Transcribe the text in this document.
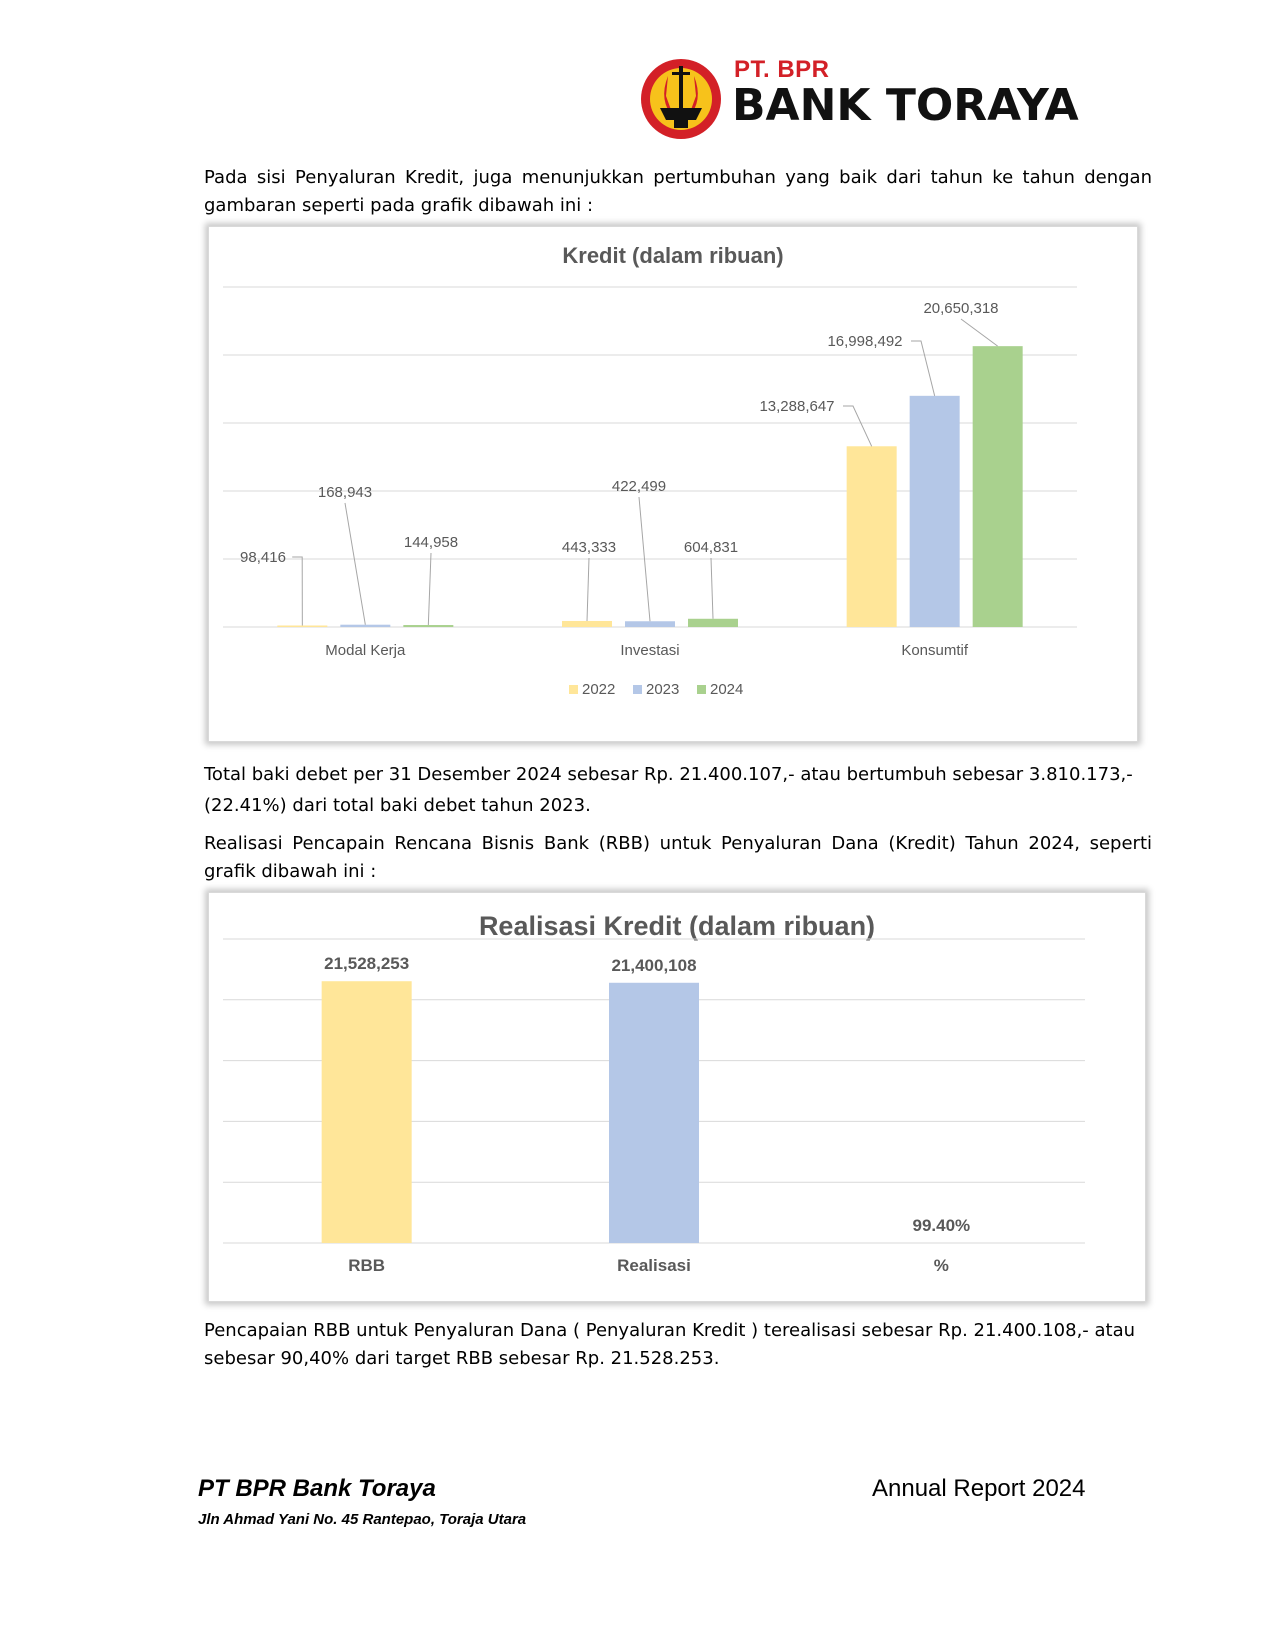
PT. BPR
BANK TORAYA

Pada sisi Penyaluran Kredit, juga menunjukkan pertumbuhan yang baik dari tahun ke tahun dengan gambaran seperti pada grafik dibawah ini :

Kredit (dalam ribuan)
98,416
168,943
144,958	443,333
422,499
604,831
13,288,647
16,998,492
20,650,318
Modal Kerja	Investasi	Konsumtif
2022 2023 2024

Total baki debet per 31 Desember 2024 sebesar Rp. 21.400.107,- atau bertumbuh sebesar 3.810.173,- (22.41%) dari total baki debet tahun 2023.

Realisasi Pencapain Rencana Bisnis Bank (RBB) untuk Penyaluran Dana (Kredit) Tahun 2024, seperti grafik dibawah ini :

Realisasi Kredit (dalam ribuan)
21,528,253	21,400,108
99.40%
RBB	Realisasi	%

Pencapaian RBB untuk Penyaluran Dana ( Penyaluran Kredit ) terealisasi sebesar Rp. 21.400.108,- atau sebesar 90,40% dari target RBB sebesar Rp. 21.528.253.

PT BPR Bank Toraya
Jln Ahmad Yani No. 45 Rantepao, Toraja Utara
Annual Report 2024
